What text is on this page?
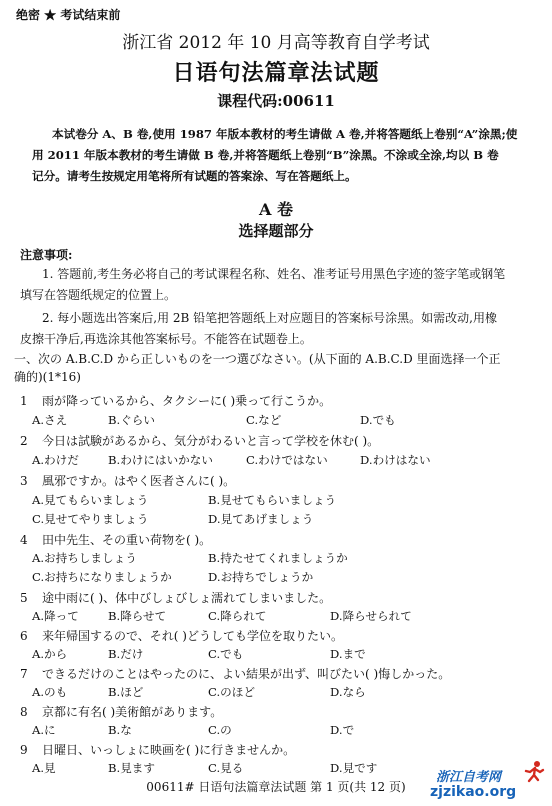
绝密 ★ 考试结束前
浙江省 2012 年 10 月高等教育自学考试
日语句法篇章法试题
课程代码:00611

本试卷分 A、B 卷,使用 1987 年版本教材的考生请做 A 卷,并将答题纸上卷别“A”涂黑;使

用 2011 年版本教材的考生请做 B 卷,并将答题纸上卷别“B”涂黑。不涂或全涂,均以 B 卷

记分。请考生按规定用笔将所有试题的答案涂、写在答题纸上。

A 卷
选择题部分
注意事项:

1. 答题前,考生务必将自己的考试课程名称、姓名、准考证号用黑色字迹的签字笔或钢笔

填写在答题纸规定的位置上。

2. 每小题选出答案后,用 2B 铅笔把答题纸上对应题目的答案标号涂黑。如需改动,用橡

皮擦干净后,再选涂其他答案标号。不能答在试题卷上。

一、次の A.B.C.D から正しいものを一つ選びなさい。(从下面的 A.B.C.D 里面选择一个正

确的)(1*16)

1 雨が降っているから、タクシーに( )乗って行こうか。
A.さえ	B.ぐらい	C.など	D.でも
2 今日は試験があるから、気分がわるいと言って学校を休む( )。
A.わけだ	B.わけにはいかない	C.わけではない	D.わけはない
3 風邪ですか。はやく医者さんに( )。
A.見てもらいましょう	B.見せてもらいましょう
C.見せてやりましょう	D.見てあげましょう
4 田中先生、その重い荷物を( )。
A.お持ちしましょう	B.持たせてくれましょうか
C.お持ちになりましょうか	D.お持ちでしょうか
5 途中雨に( )、体中びしょびしょ濡れてしまいました。
A.降って	B.降らせて	C.降られて	D.降らせられて
6 来年帰国するので、それ( )どうしても学位を取りたい。
A.から	B.だけ	C.でも	D.まで
7 できるだけのことはやったのに、よい結果が出ず、叫びたい( )悔しかった。
A.のも	B.ほど	C.のほど	D.なら
8 京都に有名( )美術館があります。
A.に	B.な	C.の	D.で
9 日曜日、いっしょに映画を( )に行きませんか。
A.見	B.見ます	C.見る	D.見です
00611# 日语句法篇章法试题 第 1 页(共 12 页)
浙江自考网
zjzikao.org
